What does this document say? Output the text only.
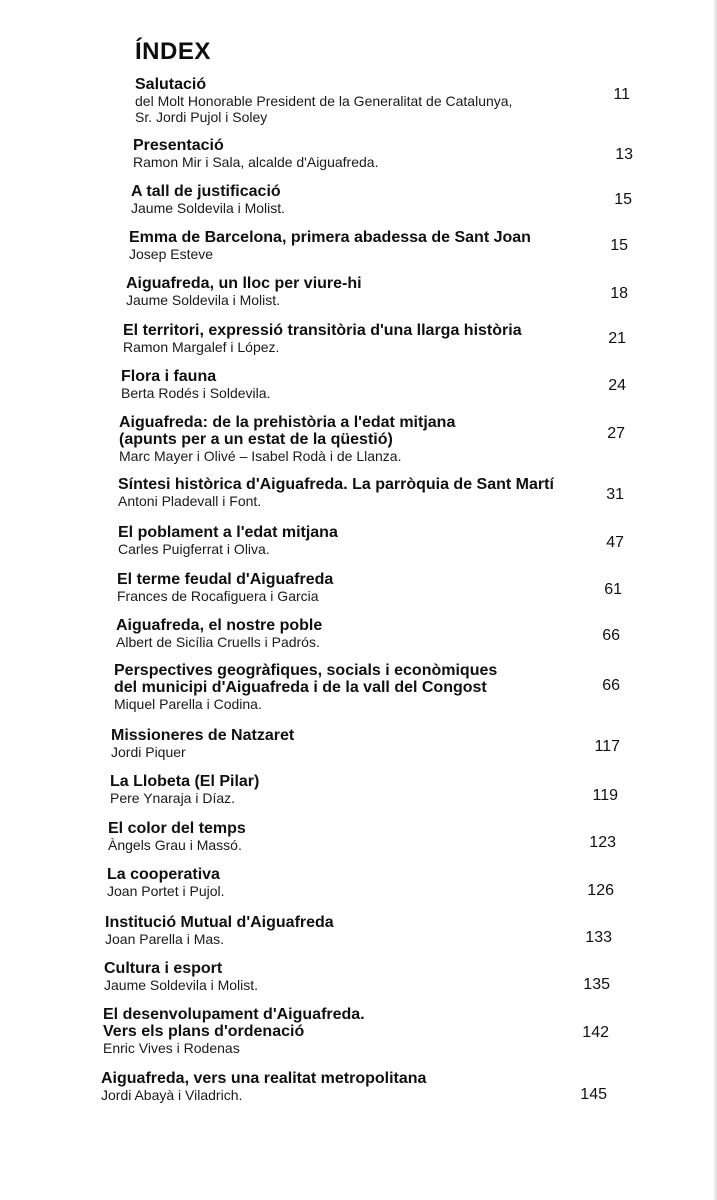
ÍNDEX
Salutació
del Molt Honorable President de la Generalitat de Catalunya,
Sr. Jordi Pujol i Soley
11
Presentació
Ramon Mir i Sala, alcalde d'Aiguafreda.	13
A tall de justificació
Jaume Soldevila i Molist.	15
Emma de Barcelona, primera abadessa de Sant Joan
Josep Esteve	15
Aiguafreda, un lloc per viure-hi
Jaume Soldevila i Molist.	18
El territori, expressió transitòria d'una llarga història
Ramon Margalef i López.	21
Flora i fauna
Berta Rodés i Soldevila.	24
Aiguafreda: de la prehistòria a l'edat mitjana
(apunts per a un estat de la qüestió)
Marc Mayer i Olivé – Isabel Rodà i de Llanza.
27
Síntesi històrica d'Aiguafreda. La parròquia de Sant Martí
Antoni Pladevall i Font.	31
El poblament a l'edat mitjana
Carles Puigferrat i Oliva.	47
El terme feudal d'Aiguafreda
Frances de Rocafiguera i Garcia	61
Aiguafreda, el nostre poble
Albert de Sicília Cruells i Padrós.	66
Perspectives geogràfiques, socials i econòmiques
del municipi d'Aiguafreda i de la vall del Congost
Miquel Parella i Codina.
66
Missioneres de Natzaret
Jordi Piquer	117
La Llobeta (El Pilar)
Pere Ynaraja i Díaz.	119
El color del temps
Àngels Grau i Massó.	123
La cooperativa
Joan Portet i Pujol.	126
Institució Mutual d'Aiguafreda
Joan Parella i Mas.	133
Cultura i esport
Jaume Soldevila i Molist.	135
El desenvolupament d'Aiguafreda.
Vers els plans d'ordenació
Enric Vives i Rodenas
142
Aiguafreda, vers una realitat metropolitana
Jordi Abayà i Viladrich.	145
